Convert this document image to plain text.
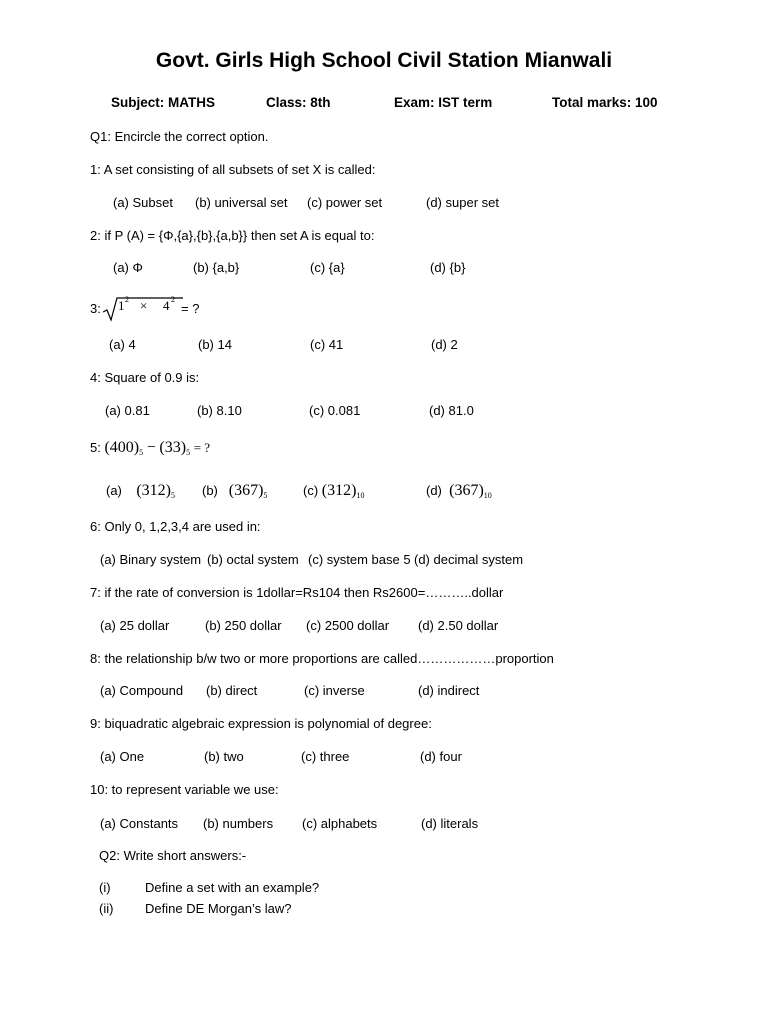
Govt. Girls High School Civil Station Mianwali
Subject: MATHS	Class: 8th	Exam: IST term	Total marks: 100
Q1: Encircle the correct option.
1: A set consisting of all subsets of set X is called:
(a) Subset (b) universal set (c) power set	(d) super set
2: if P (A) = {Φ,{a},{b},{a,b}} then set A is equal to:
(a) Φ	(b) {a,b}	(c) {a}	(d) {b}
3: 1 2 × 4 2
= ?
(a) 4	(b) 14	(c) 41	(d) 2
4: Square of 0.9 is:
(a) 0.81	(b) 8.10	(c) 0.081	(d) 81.0
5: $(400)_5 - (33)_5$ = ?
(a) $(312)_5$ (b) $(367)_5$	(c) $(312)_{10}$	(d) $(367)_{10}$
6: Only 0, 1,2,3,4 are used in:
(a) Binary system (b) octal system (c) system base 5 (d) decimal system
7: if the rate of conversion is 1dollar=Rs104 then Rs2600=………..dollar
(a) 25 dollar	(b) 250 dollar (c) 2500 dollar (d) 2.50 dollar
8: the relationship b/w two or more proportions are called………………proportion
(a) Compound (b) direct	(c) inverse	(d) indirect
9: biquadratic algebraic expression is polynomial of degree:
(a) One	(b) two	(c) three	(d) four
10: to represent variable we use:
(a) Constants (b) numbers (c) alphabets	(d) literals
Q2: Write short answers:-
(i)	Define a set with an example?
(ii) Define DE Morgan’s law?
